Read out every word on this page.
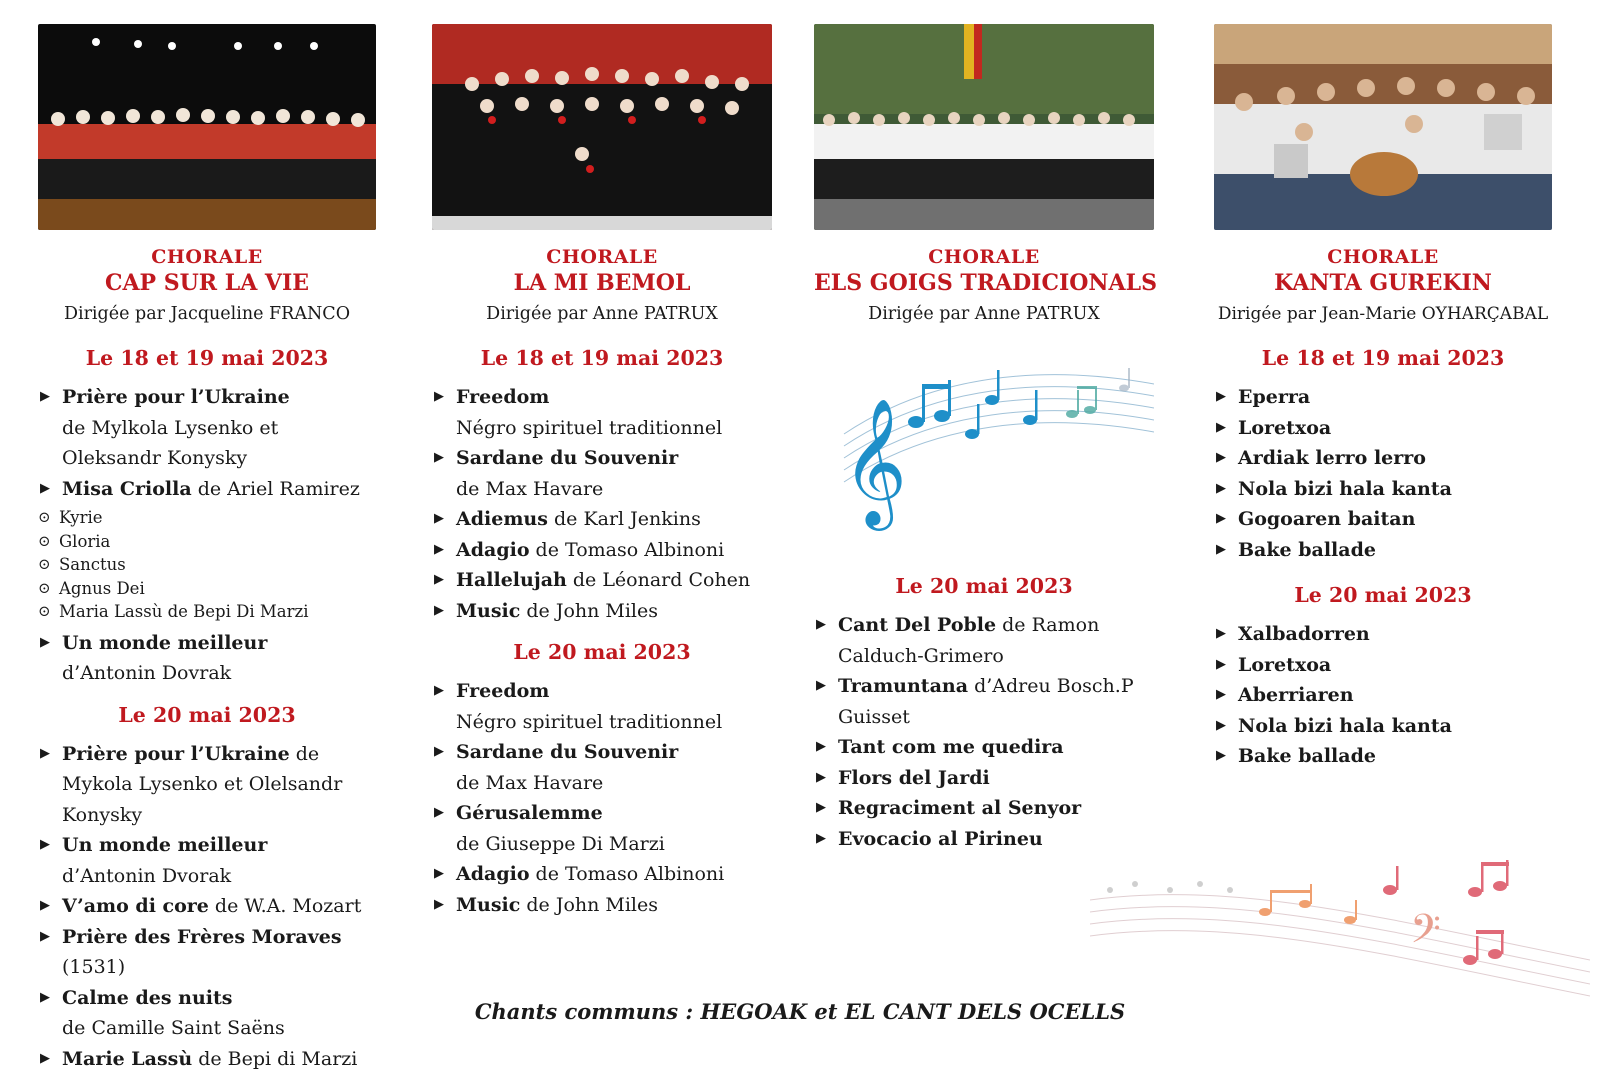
CHORALE
CAP SUR LA VIE
Dirigée par Jacqueline FRANCO
Le 18 et 19 mai 2023
▶ Prière pour l’Ukraine
de Mylkola Lysenko et Oleksandr Konysky
▶ Misa Criolla de Ariel Ramirez
⊙ Kyrie
⊙ Gloria
⊙ Sanctus
⊙ Agnus Dei
⊙ Maria Lassù de Bepi Di Marzi
▶ Un monde meilleur
d’Antonin Dovrak
Le 20 mai 2023
▶ Prière pour l’Ukraine de Mykola Lysenko et Olelsandr Konysky
▶ Un monde meilleur
d’Antonin Dvorak
▶ V’amo di core de W.A. Mozart
▶ Prière des Frères Moraves (1531)
▶ Calme des nuits
de Camille Saint Saëns
▶ Marie Lassù de Bepi di Marzi
CHORALE
LA MI BEMOL
Dirigée par Anne PATRUX
Le 18 et 19 mai 2023
▶ Freedom
Négro spirituel traditionnel
▶ Sardane du Souvenir
de Max Havare
▶ Adiemus de Karl Jenkins
▶ Adagio de Tomaso Albinoni
▶ Hallelujah de Léonard Cohen
▶ Music de John Miles
Le 20 mai 2023
▶ Freedom
Négro spirituel traditionnel
▶ Sardane du Souvenir
de Max Havare
▶ Gérusalemme
de Giuseppe Di Marzi
▶ Adagio de Tomaso Albinoni
▶ Music de John Miles
CHORALE
ELS GOIGS TRADICIONALS
Dirigée par Anne PATRUX
𝄞
Le 20 mai 2023
▶ Cant Del Poble de Ramon Calduch-Grimero
▶ Tramuntana d’Adreu Bosch.P Guisset
▶ Tant com me quedira
▶ Flors del Jardi
▶ Regraciment al Senyor
▶ Evocacio al Pirineu
CHORALE
KANTA GUREKIN
Dirigée par Jean-Marie OYHARÇABAL
Le 18 et 19 mai 2023
▶ Eperra
▶ Loretxoa
▶ Ardiak lerro lerro
▶ Nola bizi hala kanta
▶ Gogoaren baitan
▶ Bake ballade
Le 20 mai 2023
▶ Xalbadorren
▶ Loretxoa
▶ Aberriaren
▶ Nola bizi hala kanta
▶ Bake ballade
𝄢
Chants communs : HEGOAK et EL CANT DELS OCELLS
